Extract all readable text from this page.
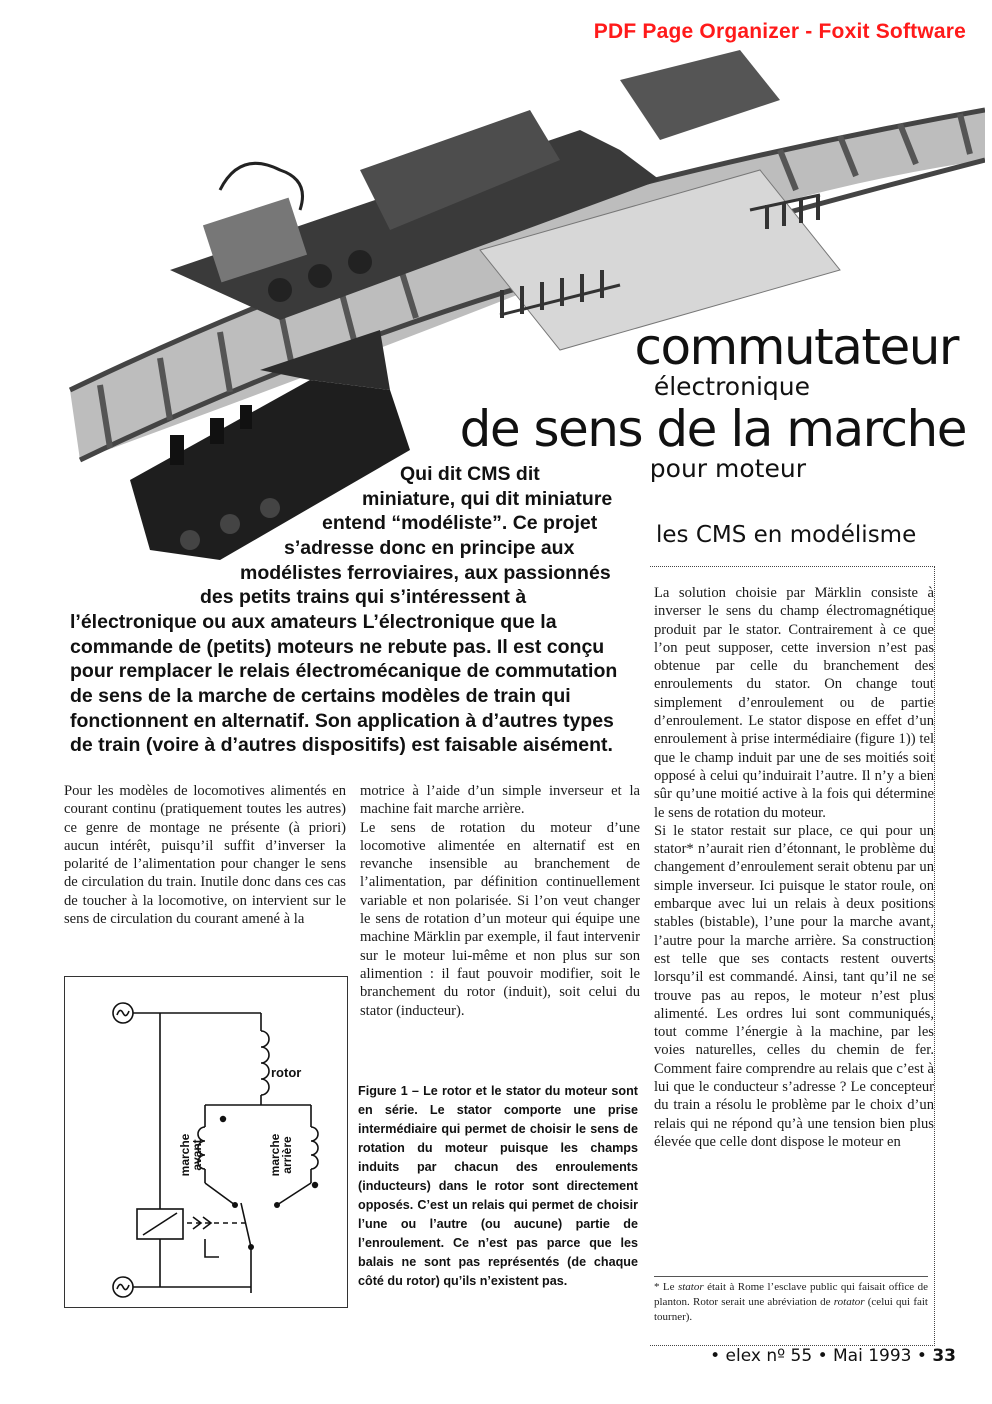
PDF Page Organizer - Foxit Software
commutateur
électronique
de sens de la marche
pour moteur
Qui dit CMS dit
miniature, qui dit miniature
entend “modéliste”. Ce projet
s’adresse donc en principe aux
modélistes ferroviaires, aux passionnés
des petits trains qui s’intéressent à
l’électronique ou aux amateurs L’électronique que la
commande de (petits) moteurs ne rebute pas. Il est conçu
pour remplacer le relais électromécanique de commutation
de sens de la marche de certains modèles de train qui
fonctionnent en alternatif. Son application à d’autres types
de train (voire à d’autres dispositifs) est faisable aisément.

Pour les modèles de locomotives alimentés en courant continu (pratiquement toutes les autres) ce genre de montage ne présente (à priori) aucun intérêt, puisqu’il suffit d’inverser la polarité de l’alimentation pour changer le sens de circulation du train. Inutile donc dans ces cas de toucher à la locomotive, on intervient sur le sens de circulation du courant amené à la

rotor
marche
avant	marche
arrière

motrice à l’aide d’un simple inverseur et la machine fait marche arrière.

Le sens de rotation du moteur d’une locomotive alimentée en alternatif est en revanche insensible au branchement de l’alimentation, par définition continuellement variable et non polarisée. Si l’on veut changer le sens de rotation d’un moteur qui équipe une machine Märklin par exemple, il faut intervenir sur le moteur lui-même et non plus sur son alimention : il faut pouvoir modifier, soit le branchement du rotor (induit), soit celui du stator (inducteur).

Figure 1 – Le rotor et le stator du moteur sont en série. Le stator comporte une prise intermédiaire qui permet de choisir le sens de rotation du moteur puisque les champs induits par chacun des enroulements (inducteurs) dans le rotor sont directement opposés. C’est un relais qui permet de choisir l’une ou l’autre (ou aucune) partie de l’enroulement. Ce n’est pas parce que les balais ne sont pas représentés (de chaque côté du rotor) qu’ils n’existent pas.
les CMS en modélisme

La solution choisie par Märklin consiste à inverser le sens du champ électromagnétique produit par le stator. Contrairement à ce que l’on peut supposer, cette inversion n’est pas obtenue par celle du branchement des enroulements du stator. On change tout simplement d’enroulement ou de partie d’enroulement. Le stator dispose en effet d’un enroulement à prise intermédiaire (figure 1)) tel que le champ induit par une de ses moitiés soit opposé à celui qu’induirait l’autre. Il n’y a bien sûr qu’une moitié active à la fois qui détermine le sens de rotation du moteur.

Si le stator restait sur place, ce qui pour un stator* n’aurait rien d’étonnant, le problème du changement d’enroulement serait obtenu par un simple inverseur. Ici puisque le stator roule, on embarque avec lui un relais à deux positions stables (bistable), l’une pour la marche avant, l’autre pour la marche arrière. Sa construction est telle que ses contacts restent ouverts lorsqu’il est commandé. Ainsi, tant qu’il ne se trouve pas au repos, le moteur n’est plus alimenté. Les ordres lui sont communiqués, tout comme l’énergie à la machine, par les voies naturelles, celles du chemin de fer. Comment faire comprendre au relais que c’est à lui que le conducteur s’adresse ? Le concepteur du train a résolu le problème par le choix d’un relais qui ne répond qu’à une tension bien plus élevée que celle dont dispose le moteur en

* Le stator était à Rome l’esclave public qui faisait office de planton. Rotor serait une abréviation de rotator (celui qui fait tourner).
• elex nº 55 • Mai 1993 • 33
